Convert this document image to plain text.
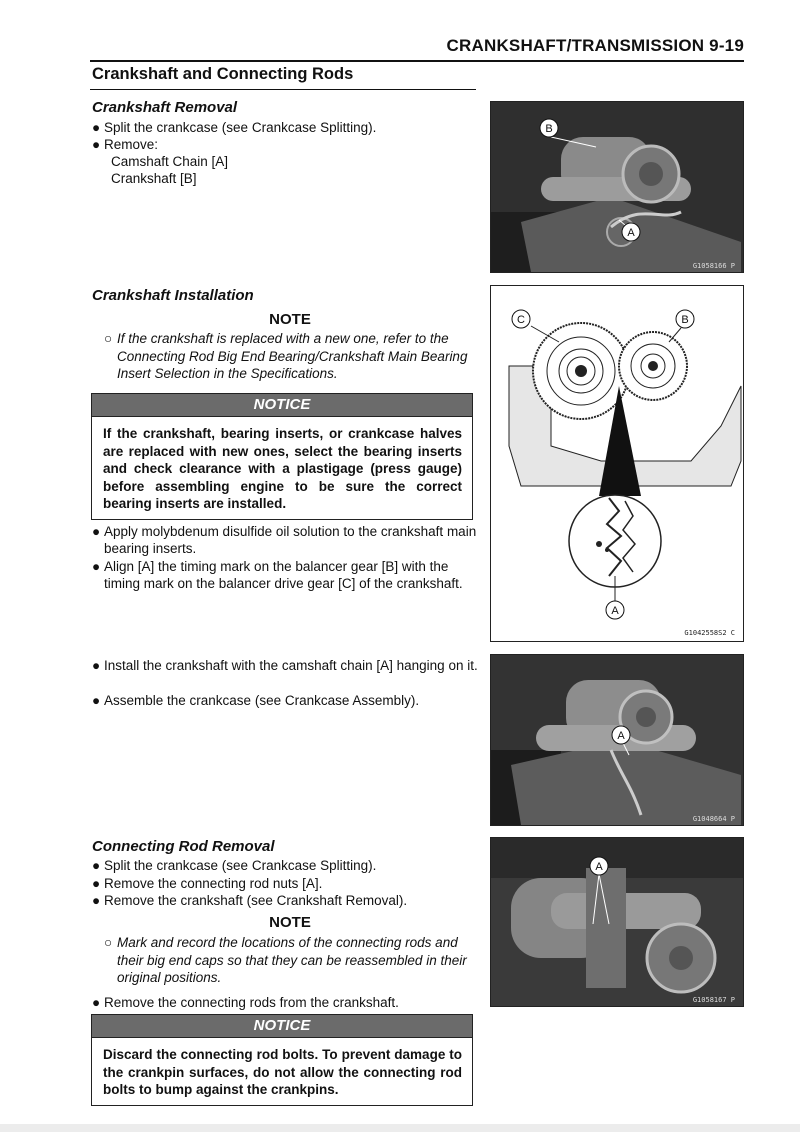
CRANKSHAFT/TRANSMISSION 9-19
Crankshaft and Connecting Rods
Crankshaft Removal
● Split the crankcase (see Crankcase Splitting).
● Remove:
Camshaft Chain [A]
Crankshaft [B]
Crankshaft Installation
NOTE
○ If the crankshaft is replaced with a new one, refer to the Connecting Rod Big End Bearing/Crankshaft Main Bearing Insert Selection in the Specifications.
NOTICE
If the crankshaft, bearing inserts, or crankcase halves are replaced with new ones, select the bearing inserts and check clearance with a plastigage (press gauge) before assembling engine to be sure the correct bearing inserts are installed.
● Apply molybdenum disulfide oil solution to the crankshaft main bearing inserts.
● Align [A] the timing mark on the balancer gear [B] with the timing mark on the balancer drive gear [C] of the crankshaft.
● Install the crankshaft with the camshaft chain [A] hanging on it.
● Assemble the crankcase (see Crankcase Assembly).
Connecting Rod Removal
● Split the crankcase (see Crankcase Splitting).
● Remove the connecting rod nuts [A].
● Remove the crankshaft (see Crankshaft Removal).
NOTE
○ Mark and record the locations of the connecting rods and their big end caps so that they can be reassembled in their original positions.
● Remove the connecting rods from the crankshaft.
NOTICE
Discard the connecting rod bolts. To prevent damage to the crankpin surfaces, do not allow the connecting rod bolts to bump against the crankpins.
B
A
G1058166 P
C	B
A
G1042558S2 C
A
G1048664 P
A
G1058167 P
